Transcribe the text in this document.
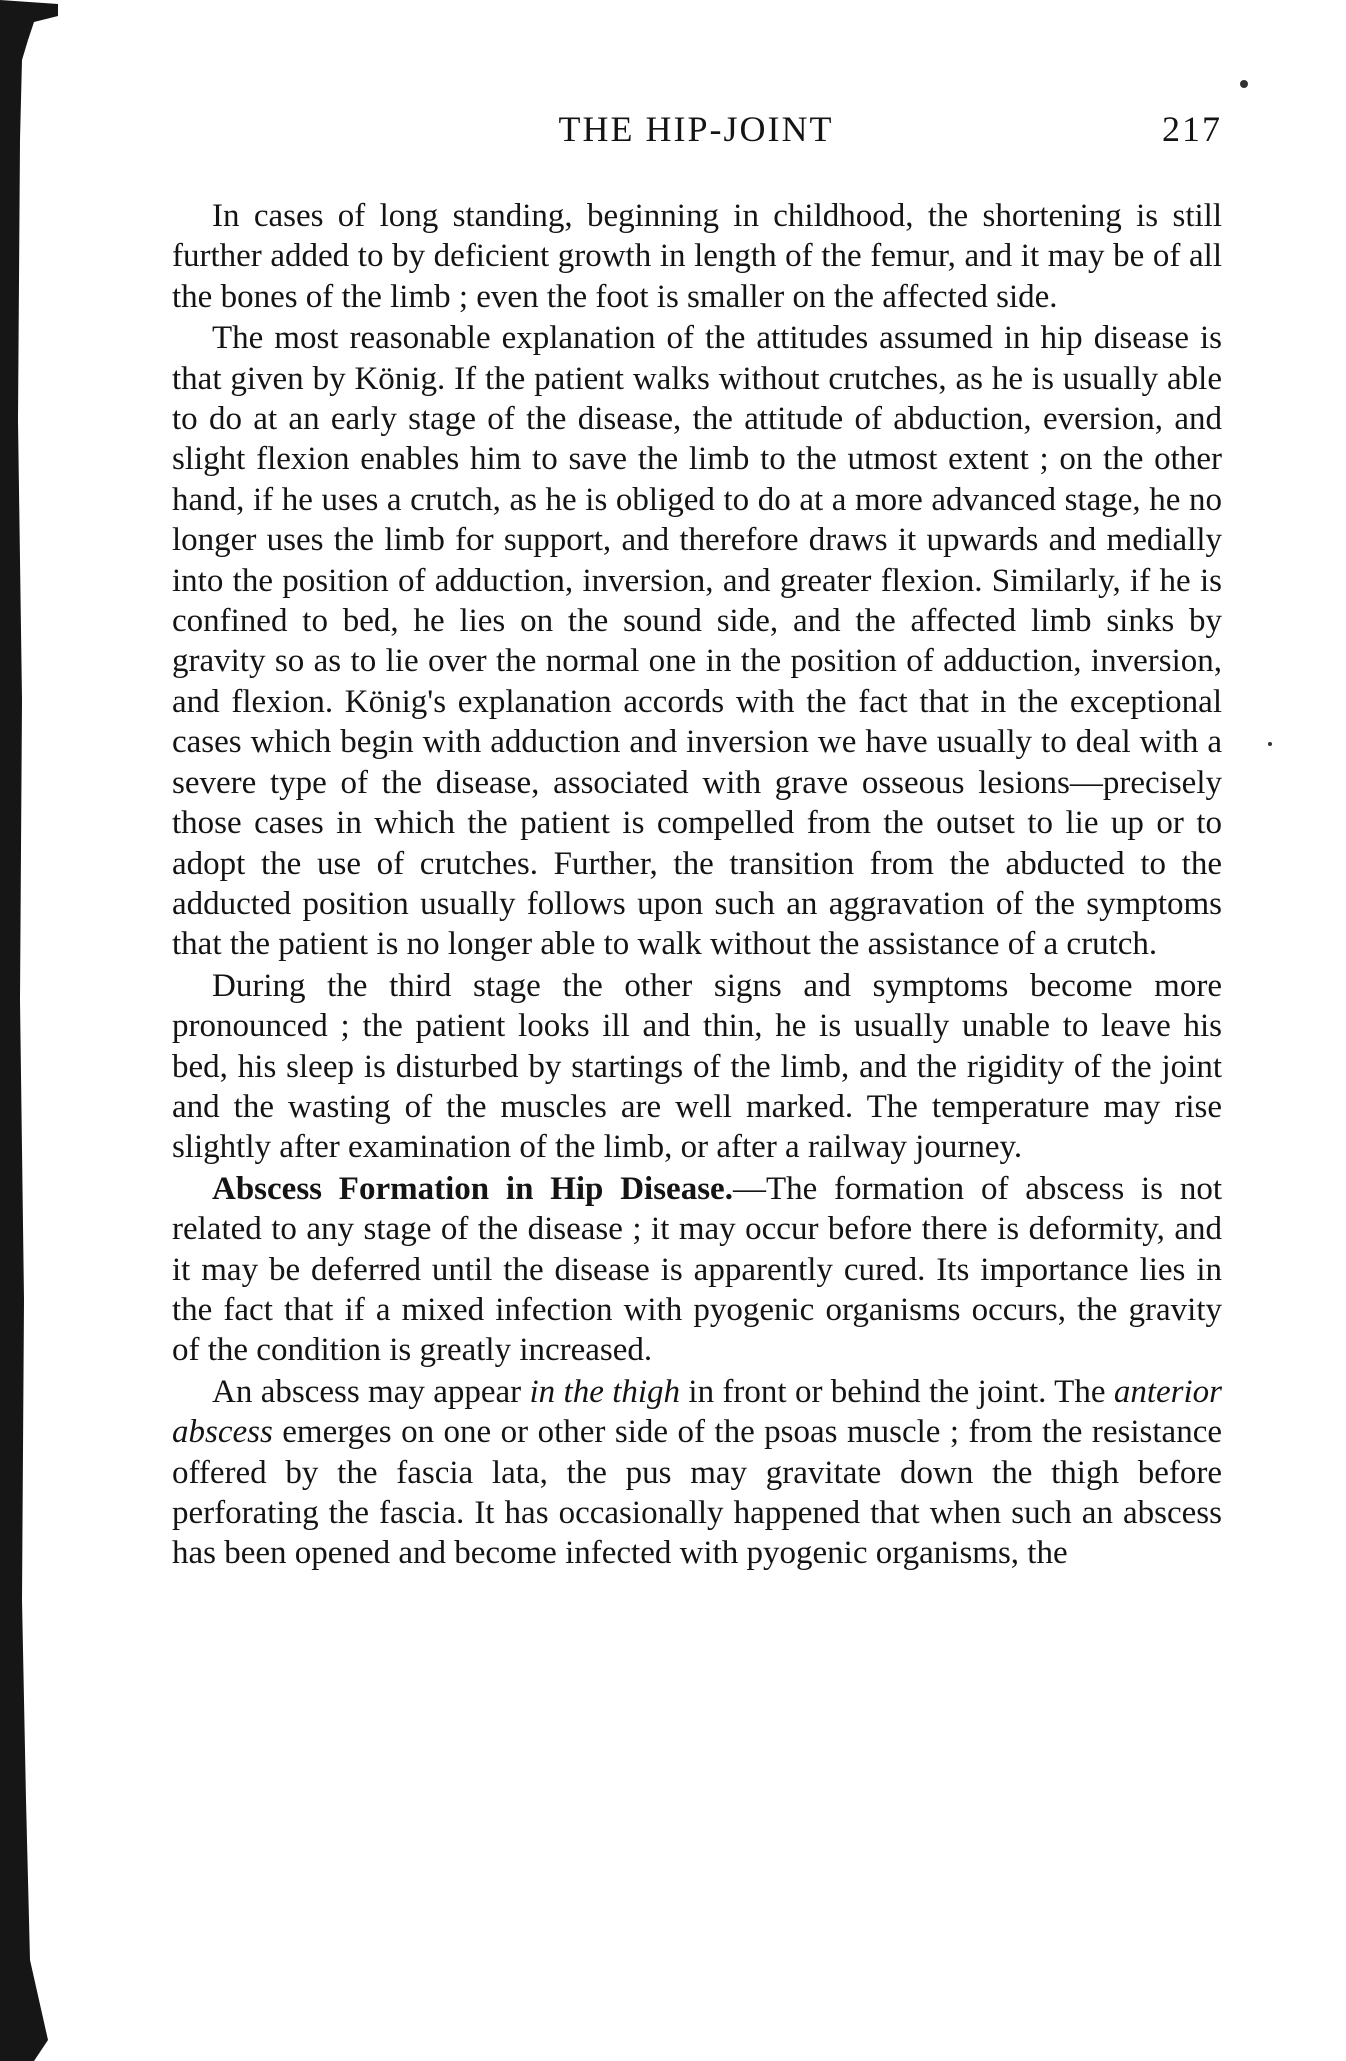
THE HIP-JOINT	217

In cases of long standing, beginning in childhood, the shortening is still further added to by deficient growth in length of the femur, and it may be of all the bones of the limb ; even the foot is smaller on the affected side.

The most reasonable explanation of the attitudes assumed in hip disease is that given by König. If the patient walks without crutches, as he is usually able to do at an early stage of the disease, the attitude of abduction, eversion, and slight flexion enables him to save the limb to the utmost extent ; on the other hand, if he uses a crutch, as he is obliged to do at a more advanced stage, he no longer uses the limb for support, and therefore draws it upwards and medially into the position of adduction, inversion, and greater flexion. Similarly, if he is confined to bed, he lies on the sound side, and the affected limb sinks by gravity so as to lie over the normal one in the position of adduction, inversion, and flexion. König's explanation accords with the fact that in the exceptional cases which begin with adduction and inversion we have usually to deal with a severe type of the disease, associated with grave osseous lesions—precisely those cases in which the patient is compelled from the outset to lie up or to adopt the use of crutches. Further, the transition from the abducted to the adducted position usually follows upon such an aggravation of the symptoms that the patient is no longer able to walk without the assistance of a crutch.

During the third stage the other signs and symptoms become more pronounced ; the patient looks ill and thin, he is usually unable to leave his bed, his sleep is disturbed by startings of the limb, and the rigidity of the joint and the wasting of the muscles are well marked. The temperature may rise slightly after examination of the limb, or after a railway journey.

Abscess Formation in Hip Disease.—The formation of abscess is not related to any stage of the disease ; it may occur before there is deformity, and it may be deferred until the disease is apparently cured. Its importance lies in the fact that if a mixed infection with pyogenic organisms occurs, the gravity of the condition is greatly increased.

An abscess may appear in the thigh in front or behind the joint. The anterior abscess emerges on one or other side of the psoas muscle ; from the resistance offered by the fascia lata, the pus may gravitate down the thigh before perforating the fascia. It has occasionally happened that when such an abscess has been opened and become infected with pyogenic organisms, the
